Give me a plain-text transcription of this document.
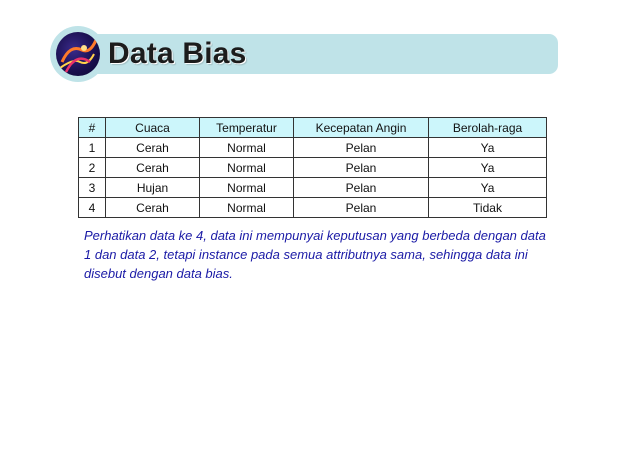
Data Bias
#	Cuaca	Temperatur	Kecepatan Angin	Berolah-raga
1	Cerah	Normal	Pelan	Ya
2	Cerah	Normal	Pelan	Ya
3	Hujan	Normal	Pelan	Ya
4	Cerah	Normal	Pelan	Tidak
Perhatikan data ke 4, data ini mempunyai keputusan yang berbeda dengan data 1 dan data 2, tetapi instance pada semua attributnya sama, sehingga data ini disebut dengan data bias.
